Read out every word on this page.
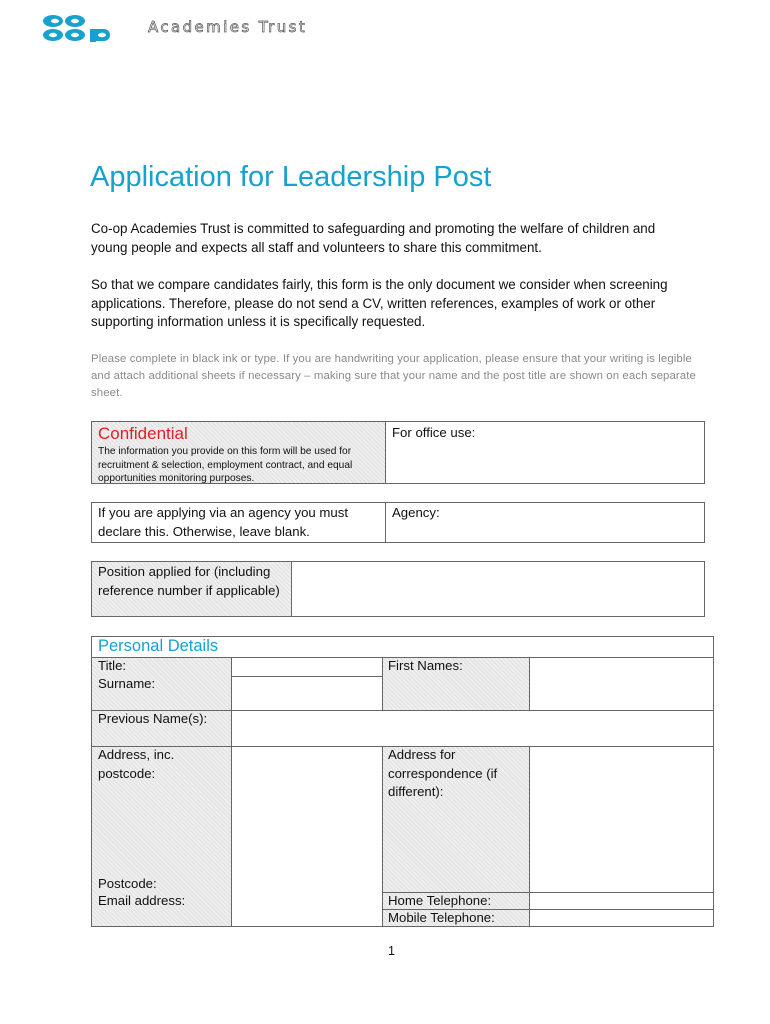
Academies Trust
Application for Leadership Post

Co-op Academies Trust is committed to safeguarding and promoting the welfare of children and young people and expects all staff and volunteers to share this commitment.

So that we compare candidates fairly, this form is the only document we consider when screening applications. Therefore, please do not send a CV, written references, examples of work or other supporting information unless it is specifically requested.

Please complete in black ink or type. If you are handwriting your application, please ensure that your writing is legible and attach additional sheets if necessary – making sure that your name and the post title are shown on each separate sheet.

Confidential
The information you provide on this form will be used for recruitment & selection, employment contract, and equal opportunities monitoring purposes.
For office use:
If you are applying via an agency you must declare this. Otherwise, leave blank.
Agency:
Position applied for (including reference number if applicable)
Personal Details
Title:
Surname:
First Names:
Previous Name(s):
Address, inc. postcode:
Address for correspondence (if different):
Postcode:
Email address:	Home Telephone:
Mobile Telephone:
1
